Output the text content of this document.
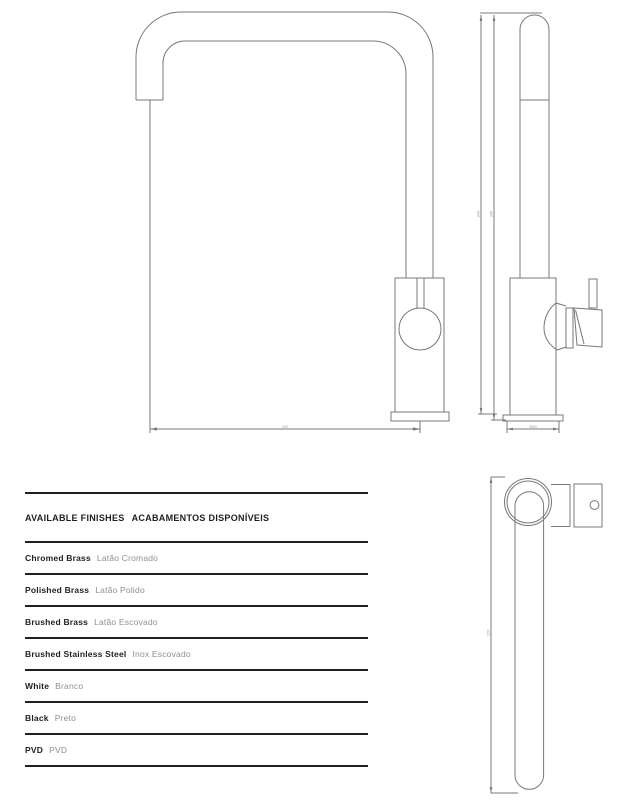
220	Ø50
340 345
220
AVAILABLE FINISHES ACABAMENTOS DISPONÍVEIS
Chromed Brass Latão Cromado
Polished Brass Latão Polido
Brushed Brass Latão Escovado
Brushed Stainless Steel Inox Escovado
White Branco
Black Preto
PVD PVD
